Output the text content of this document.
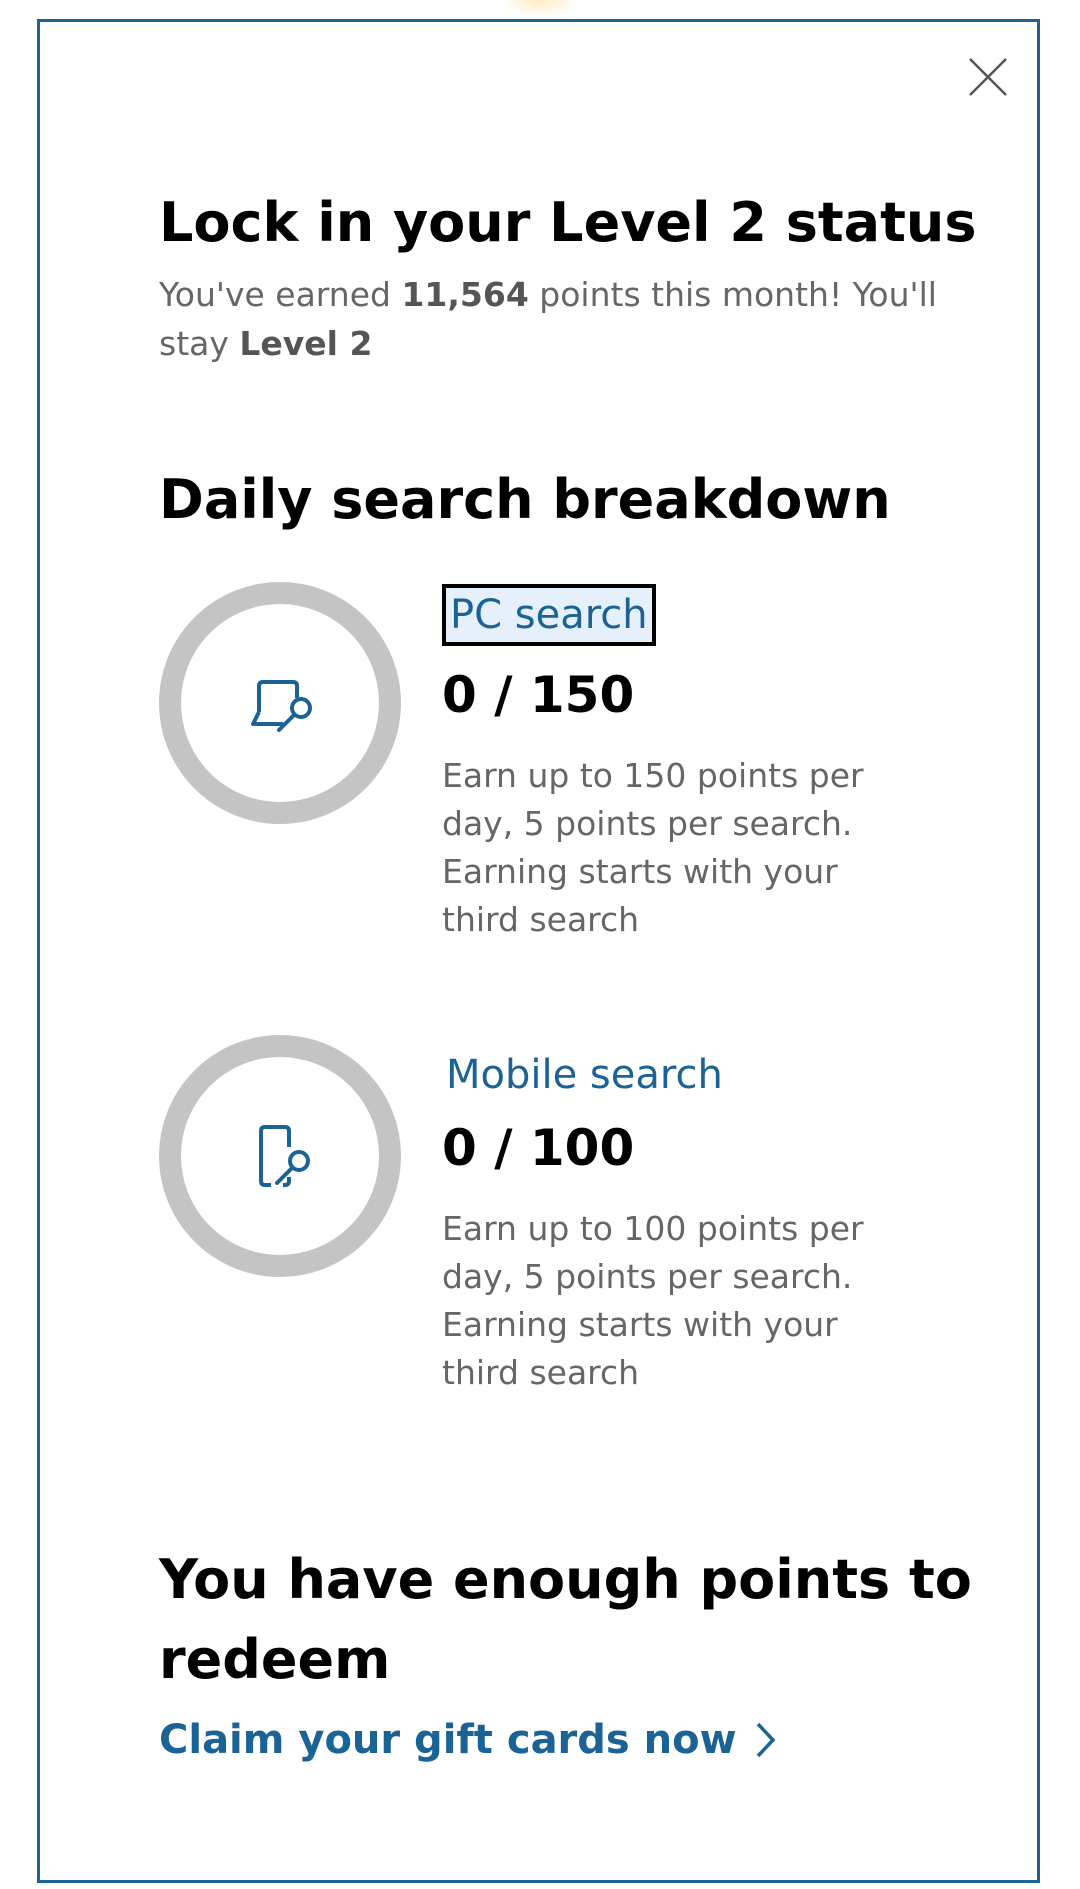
Lock in your Level 2 status

You've earned 11,564 points this month! You'll stay Level 2

Daily search breakdown
PC search
0 / 150

Earn up to 150 points per day, 5 points per search. Earning starts with your third search

Mobile search
0 / 100

Earn up to 100 points per day, 5 points per search. Earning starts with your third search

You have enough points to redeem
Claim your gift cards now
